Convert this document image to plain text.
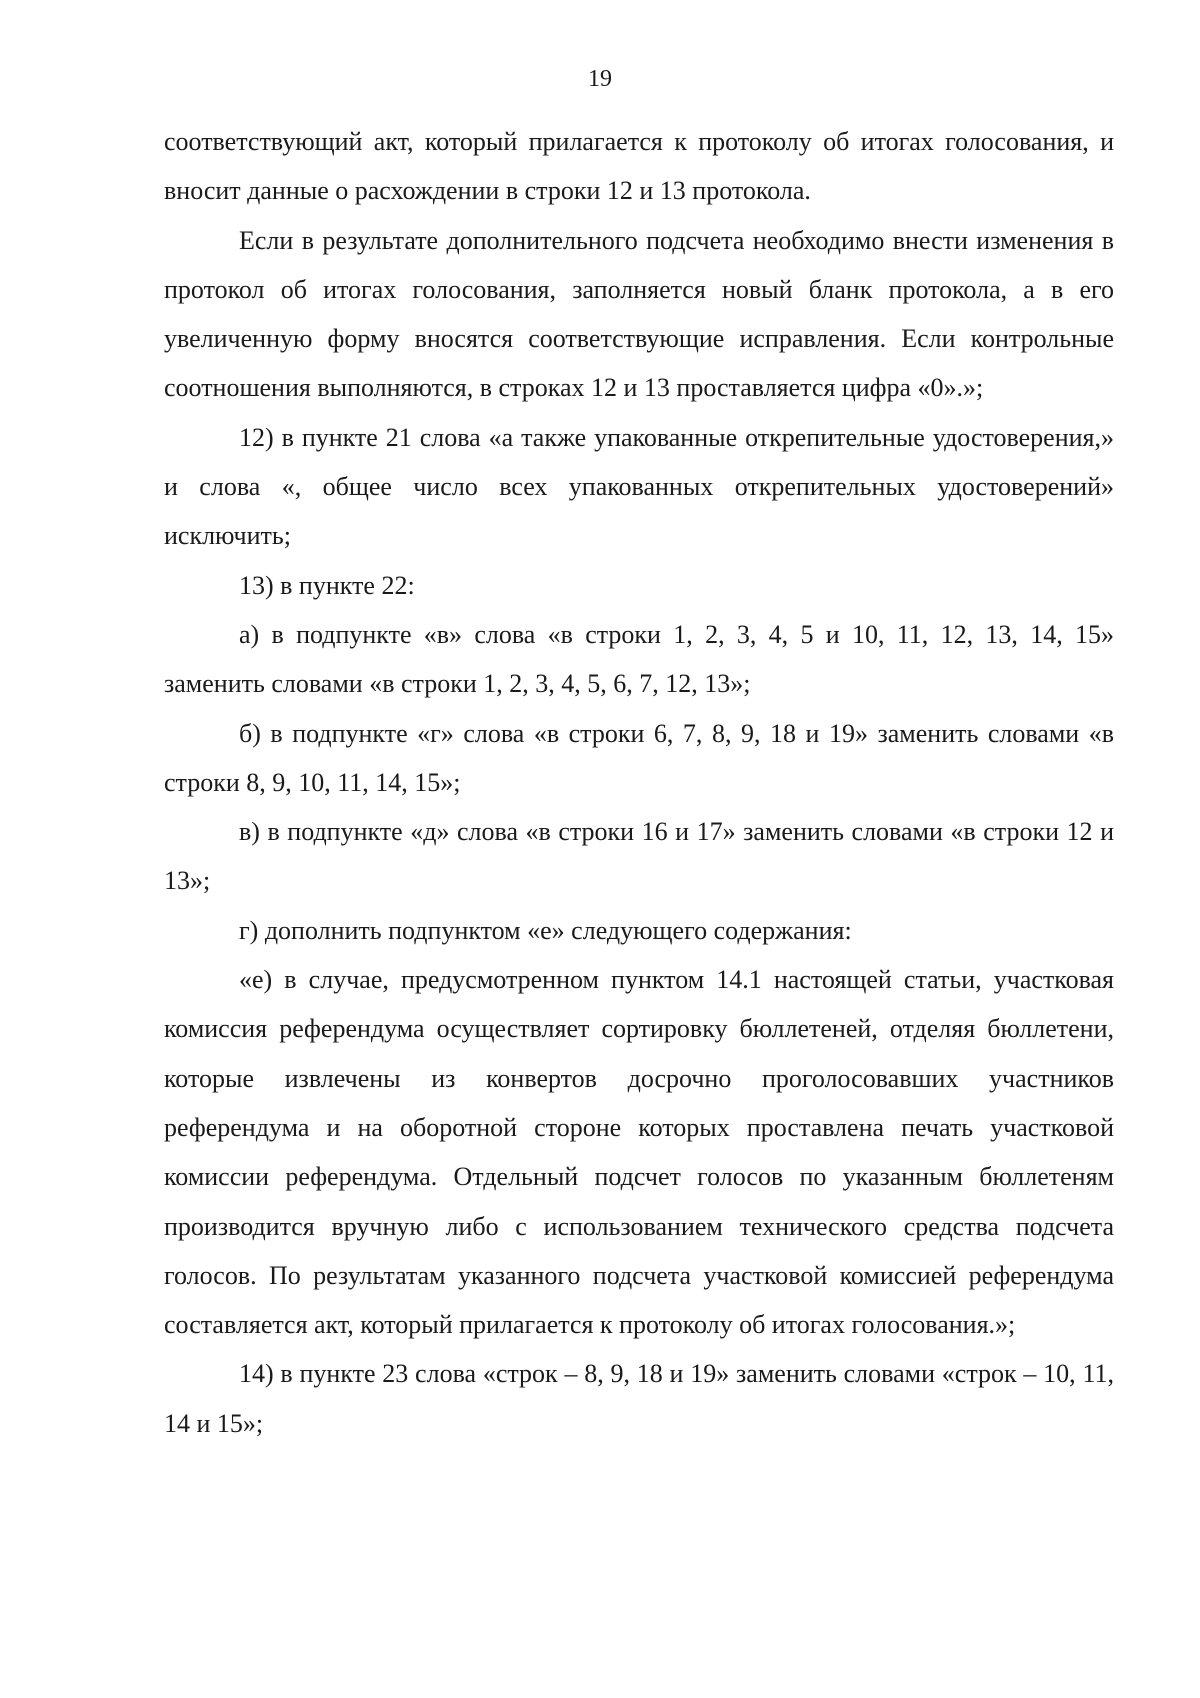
19

соответствующий акт, который прилагается к протоколу об итогах голосования, и вносит данные о расхождении в строки 12 и 13 протокола.

Если в результате дополнительного подсчета необходимо внести изменения в протокол об итогах голосования, заполняется новый бланк протокола, а в его увеличенную форму вносятся соответствующие исправления. Если контрольные соотношения выполняются, в строках 12 и 13 проставляется цифра «0».»;

12) в пункте 21 слова «а также упакованные открепительные удостоверения,» и слова «, общее число всех упакованных открепительных удостоверений» исключить;

13) в пункте 22:

а) в подпункте «в» слова «в строки 1, 2, 3, 4, 5 и 10, 11, 12, 13, 14, 15» заменить словами «в строки 1, 2, 3, 4, 5, 6, 7, 12, 13»;

б) в подпункте «г» слова «в строки 6, 7, 8, 9, 18 и 19» заменить словами «в строки 8, 9, 10, 11, 14, 15»;

в) в подпункте «д» слова «в строки 16 и 17» заменить словами «в строки 12 и 13»;

г) дополнить подпунктом «е» следующего содержания:

«е) в случае, предусмотренном пунктом 14.1 настоящей статьи, участковая комиссия референдума осуществляет сортировку бюллетеней, отделяя бюллетени, которые извлечены из конвертов досрочно проголосовавших участников референдума и на оборотной стороне которых проставлена печать участковой комиссии референдума. Отдельный подсчет голосов по указанным бюллетеням производится вручную либо с использованием технического средства подсчета голосов. По результатам указанного подсчета участковой комиссией референдума составляется акт, который прилагается к протоколу об итогах голосования.»;

14) в пункте 23 слова «строк – 8, 9, 18 и 19» заменить словами «строк – 10, 11, 14 и 15»;
